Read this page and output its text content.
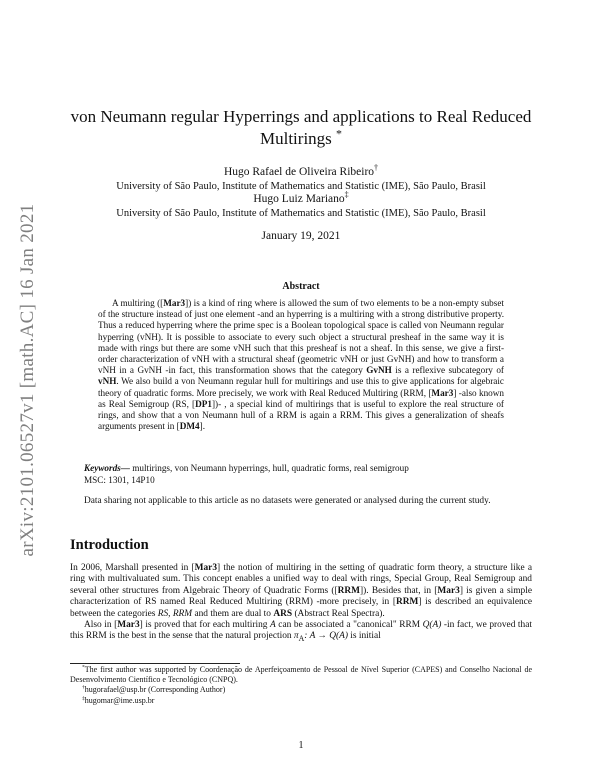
arXiv:2101.06527v1 [math.AC] 16 Jan 2021
von Neumann regular Hyperrings and applications to Real Reduced Multirings *
Hugo Rafael de Oliveira Ribeiro†
University of São Paulo, Institute of Mathematics and Statistic (IME), São Paulo, Brasil
Hugo Luiz Mariano‡
University of São Paulo, Institute of Mathematics and Statistic (IME), São Paulo, Brasil
January 19, 2021
Abstract
A multiring ([Mar3]) is a kind of ring where is allowed the sum of two elements to be a non-empty subset of the structure instead of just one element -and an hyperring is a multiring with a strong distributive property. Thus a reduced hyperring where the prime spec is a Boolean topological space is called von Neumann regular hyperring (vNH). It is possible to associate to every such object a structural presheaf in the same way it is made with rings but there are some vNH such that this presheaf is not a sheaf. In this sense, we give a first-order characterization of vNH with a structural sheaf (geometric vNH or just GvNH) and how to transform a vNH in a GvNH -in fact, this transformation shows that the category GvNH is a reflexive subcategory of vNH. We also build a von Neumann regular hull for multirings and use this to give applications for algebraic theory of quadratic forms. More precisely, we work with Real Reduced Multiring (RRM, [Mar3] -also known as Real Semigroup (RS, [DP1])- , a special kind of multirings that is useful to explore the real structure of rings, and show that a von Neumann hull of a RRM is again a RRM. This gives a generalization of sheafs arguments present in [DM4].
Keywords— multirings, von Neumann hyperrings, hull, quadratic forms, real semigroup
MSC: 1301, 14P10
Data sharing not applicable to this article as no datasets were generated or analysed during the current study.
Introduction

In 2006, Marshall presented in [Mar3] the notion of multiring in the setting of quadratic form theory, a structure like a ring with multivaluated sum. This concept enables a unified way to deal with rings, Special Group, Real Semigroup and several other structures from Algebraic Theory of Quadratic Forms ([RRM]). Besides that, in [Mar3] is given a simple characterization of RS named Real Reduced Multiring (RRM) -more precisely, in [RRM] is described an equivalence between the categories RS, RRM and them are dual to ARS (Abstract Real Spectra).

Also in [Mar3] is proved that for each multiring A can be associated a "canonical" RRM Q(A) -in fact, we proved that this RRM is the best in the sense that the natural projection $\pi_A$: A → Q(A) is initial

*The first author was supported by Coordenação de Aperfeiçoamento de Pessoal de Nível Superior (CAPES) and Conselho Nacional de Desenvolvimento Científico e Tecnológico (CNPQ).

†hugorafael@usp.br (Corresponding Author)

‡hugomar@ime.usp.br

1
